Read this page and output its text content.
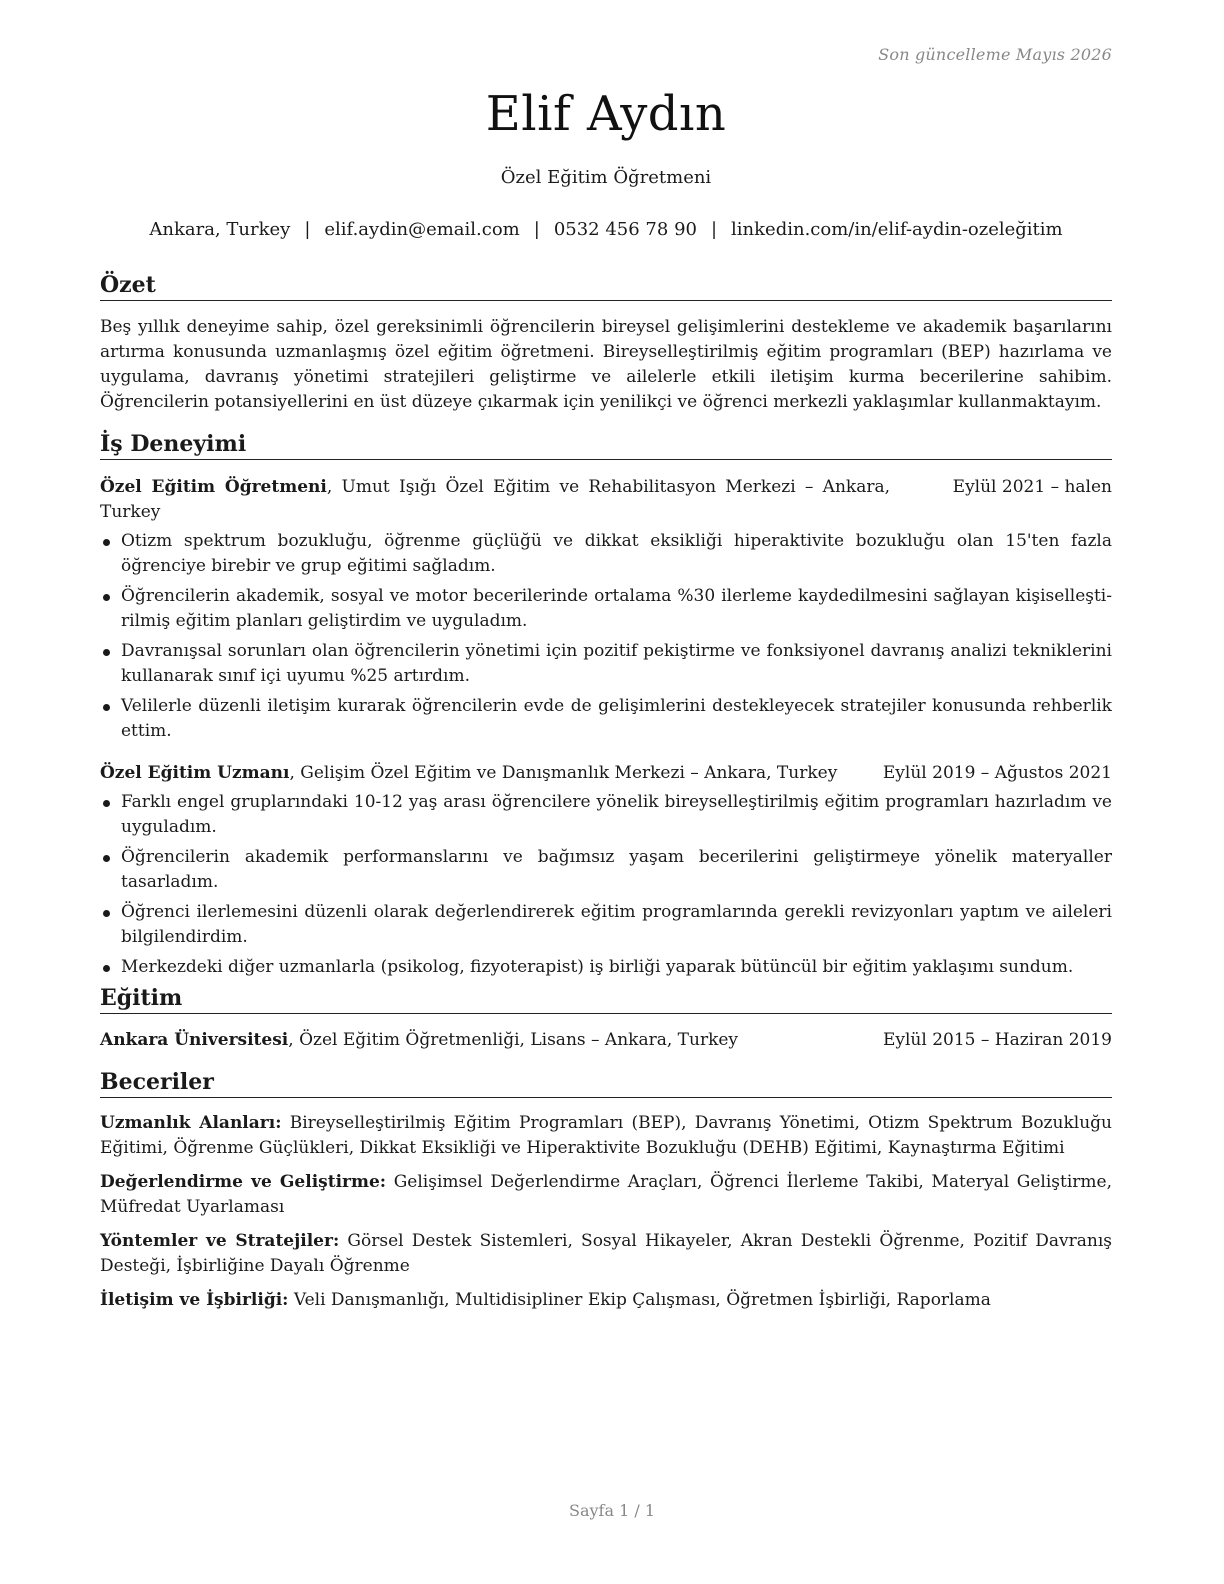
Son güncelleme Mayıs 2026
Elif Aydın
Özel Eğitim Öğretmeni
Ankara, Turkey | elif.aydin@email.com | 0532 456 78 90 | linkedin.com/in/elif-aydin-ozeleğitim
Özet

Beş yıllık deneyime sahip, özel gereksinimli öğrencilerin bireysel gelişimlerini destekleme ve akademik başarılarını artırma konusunda uzmanlaşmış özel eğitim öğretmeni. Bireyselleştirilmiş eğitim programları (BEP) hazırlama ve uygulama, davranış yönetimi stratejileri geliştirme ve ailelerle etkili iletişim kurma becerilerine sahibim. Öğrencilerin potansiyellerini en üst düzeye çıkarmak için yenilikçi ve öğrenci merkezli yaklaşımlar kullanmaktayım.

İş Deneyimi
Özel Eğitim Öğretmeni, Umut Işığı Özel Eğitim ve Rehabilitasyon Merkezi – Ankara, Turkey
Eylül 2021 – halen
Otizm spektrum bozukluğu, öğrenme güçlüğü ve dikkat eksikliği hiperaktivite bozukluğu olan 15'ten fazla öğrenciye birebir ve grup eğitimi sağladım.
Öğrencilerin akademik, sosyal ve motor becerilerinde ortalama %30 ilerleme kaydedilmesini sağlayan kişiselleşti-rilmiş eğitim planları geliştirdim ve uyguladım.
Davranışsal sorunları olan öğrencilerin yönetimi için pozitif pekiştirme ve fonksiyonel davranış analizi tekniklerini kullanarak sınıf içi uyumu %25 artırdım.
Velilerle düzenli iletişim kurarak öğrencilerin evde de gelişimlerini destekleyecek stratejiler konusunda rehberlik ettim.
Özel Eğitim Uzmanı, Gelişim Özel Eğitim ve Danışmanlık Merkezi – Ankara, Turkey	Eylül 2019 – Ağustos 2021
Farklı engel gruplarındaki 10-12 yaş arası öğrencilere yönelik bireyselleştirilmiş eğitim programları hazırladım ve uyguladım.
Öğrencilerin akademik performanslarını ve bağımsız yaşam becerilerini geliştirmeye yönelik materyaller tasarladım.
Öğrenci ilerlemesini düzenli olarak değerlendirerek eğitim programlarında gerekli revizyonları yaptım ve aileleri bilgilendirdim.
Merkezdeki diğer uzmanlarla (psikolog, fizyoterapist) iş birliği yaparak bütüncül bir eğitim yaklaşımı sundum.
Eğitim
Ankara Üniversitesi, Özel Eğitim Öğretmenliği, Lisans – Ankara, Turkey	Eylül 2015 – Haziran 2019
Beceriler

Uzmanlık Alanları: Bireyselleştirilmiş Eğitim Programları (BEP), Davranış Yönetimi, Otizm Spektrum Bozukluğu Eğitimi, Öğrenme Güçlükleri, Dikkat Eksikliği ve Hiperaktivite Bozukluğu (DEHB) Eğitimi, Kaynaştırma Eğitimi

Değerlendirme ve Geliştirme: Gelişimsel Değerlendirme Araçları, Öğrenci İlerleme Takibi, Materyal Geliştirme, Müfredat Uyarlaması

Yöntemler ve Stratejiler: Görsel Destek Sistemleri, Sosyal Hikayeler, Akran Destekli Öğrenme, Pozitif Davranış Desteği, İşbirliğine Dayalı Öğrenme

İletişim ve İşbirliği: Veli Danışmanlığı, Multidisipliner Ekip Çalışması, Öğretmen İşbirliği, Raporlama

Sayfa 1 / 1
